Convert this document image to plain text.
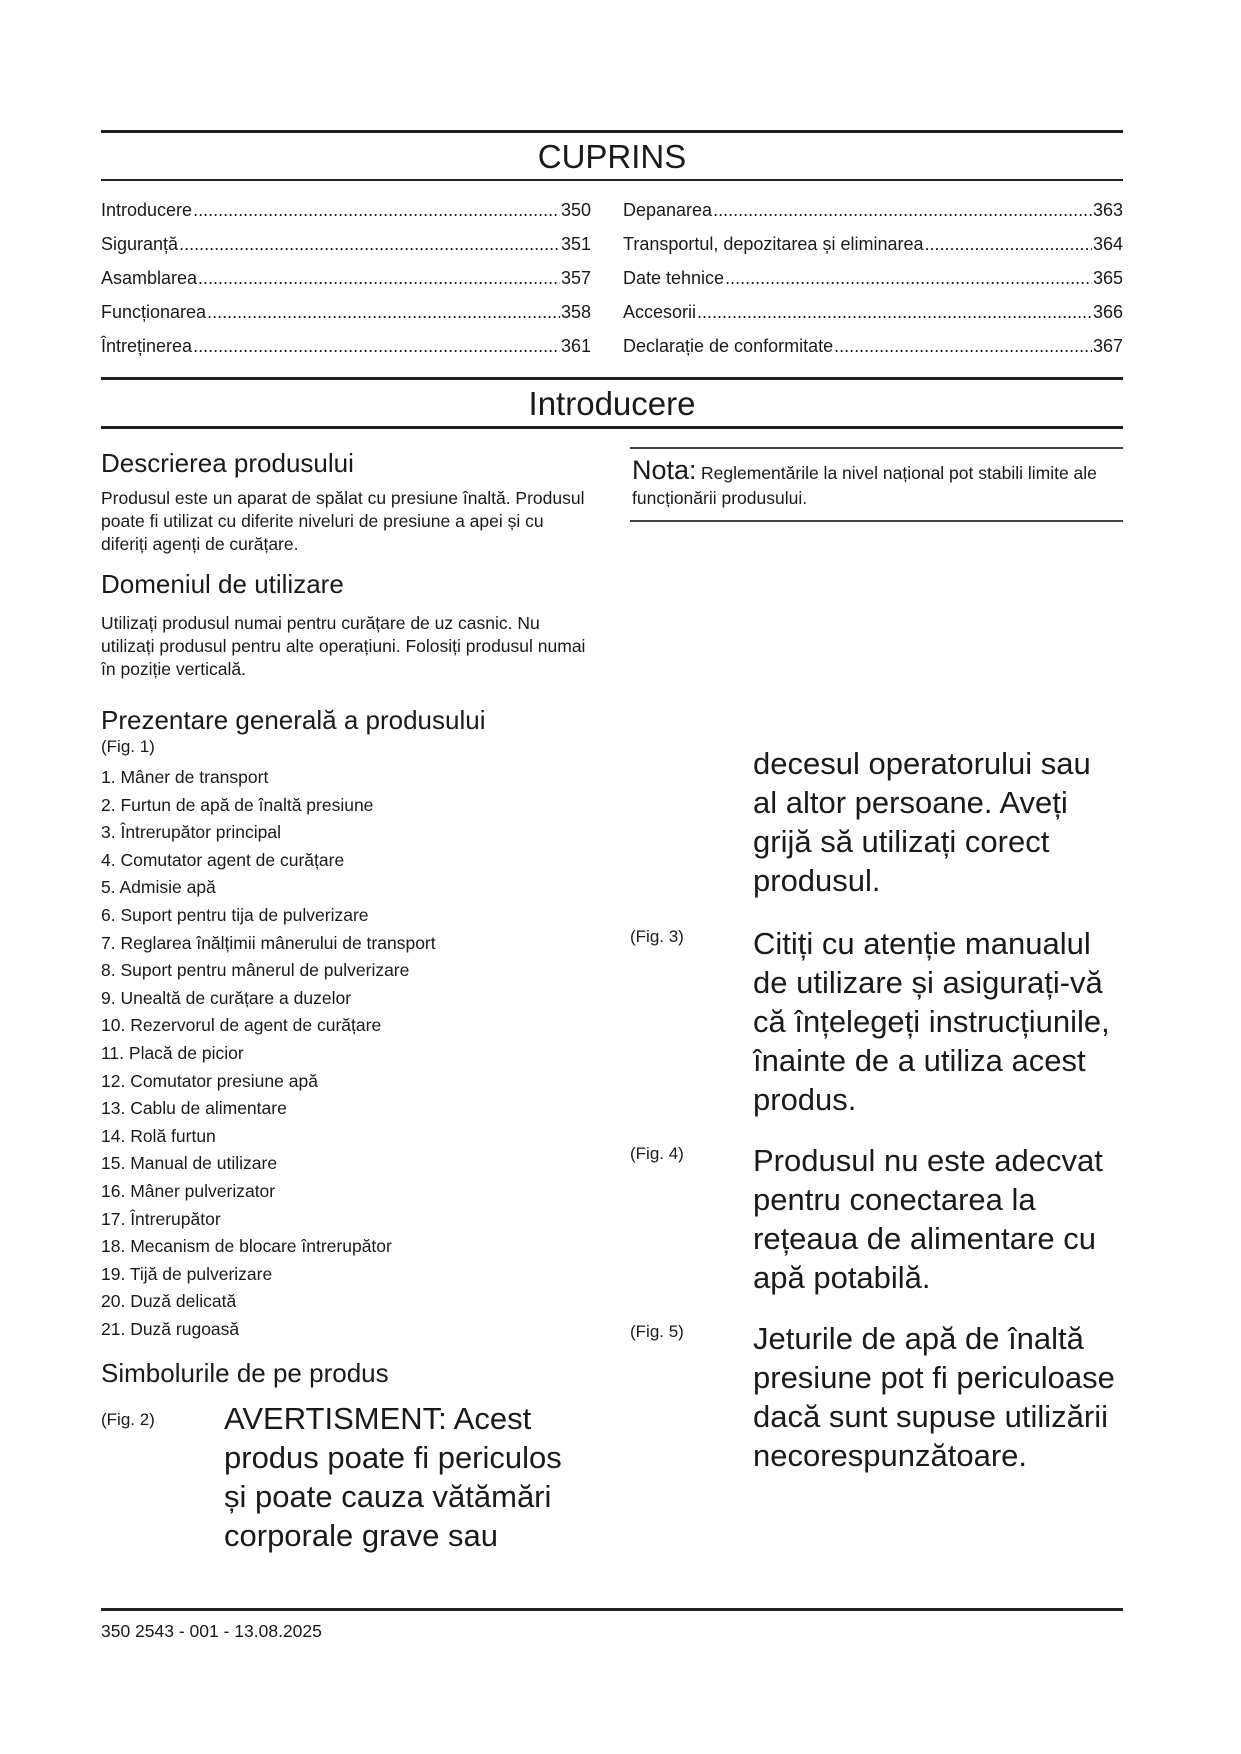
CUPRINS
Introducere .....	350
Siguranță .....	351
Asamblarea .....	357
Funcționarea .....	358
Întreținerea .....	361
Depanarea .....	363
Transportul, depozitarea și eliminarea .....	364
Date tehnice .....	365
Accesorii .....	366
Declarație de conformitate .....	367
Introducere
Descrierea produsului

Produsul este un aparat de spălat cu presiune înaltă. Produsul poate fi utilizat cu diferite niveluri de presiune a apei și cu diferiți agenți de curățare.

Domeniul de utilizare

Utilizați produsul numai pentru curățare de uz casnic. Nu utilizați produsul pentru alte operațiuni. Folosiți produsul numai în poziție verticală.

Prezentare generală a produsului
(Fig. 1)
1. Mâner de transport
2. Furtun de apă de înaltă presiune
3. Întrerupător principal
4. Comutator agent de curățare
5. Admisie apă
6. Suport pentru tija de pulverizare
7. Reglarea înălțimii mânerului de transport
8. Suport pentru mânerul de pulverizare
9. Unealtă de curățare a duzelor
10. Rezervorul de agent de curățare
11. Placă de picior
12. Comutator presiune apă
13. Cablu de alimentare
14. Rolă furtun
15. Manual de utilizare
16. Mâner pulverizator
17. Întrerupător
18. Mecanism de blocare întrerupător
19. Tijă de pulverizare
20. Duză delicată
21. Duză rugoasă
Simbolurile de pe produs
(Fig. 2)	AVERTISMENT: Acest produs poate fi periculos și poate cauza vătămări corporale grave sau
Nota: Reglementările la nivel național pot stabili limite ale funcționării produsului.
decesul operatorului sau al altor persoane. Aveți grijă să utilizați corect produsul.
(Fig. 3)	Citiți cu atenție manualul de utilizare și asigurați-vă că înțelegeți instrucțiunile, înainte de a utiliza acest produs.
(Fig. 4)	Produsul nu este adecvat pentru conectarea la rețeaua de alimentare cu apă potabilă.
(Fig. 5)	Jeturile de apă de înaltă presiune pot fi periculoase dacă sunt supuse utilizării necorespunzătoare.
350 2543 - 001 - 13.08.2025
